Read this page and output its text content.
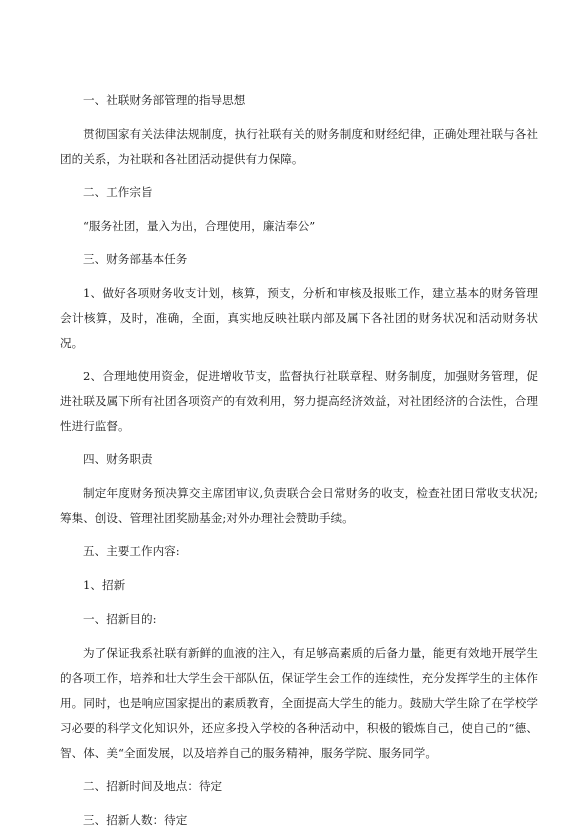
一、社联财务部管理的指导思想

贯彻国家有关法律法规制度，执行社联有关的财务制度和财经纪律，正确处理社联与各社团的关系，为社联和各社团活动提供有力保障。

二、工作宗旨

“服务社团，量入为出，合理使用，廉洁奉公”

三、财务部基本任务

1、做好各项财务收支计划，核算，预支，分析和审核及报账工作，建立基本的财务管理会计核算，及时，准确，全面，真实地反映社联内部及属下各社团的财务状况和活动财务状况。

2、合理地使用资金，促进增收节支，监督执行社联章程、财务制度，加强财务管理，促进社联及属下所有社团各项资产的有效利用，努力提高经济效益，对社团经济的合法性，合理性进行监督。

四、财务职责

制定年度财务预决算交主席团审议,负责联合会日常财务的收支，检查社团日常收支状况;筹集、创设、管理社团奖励基金;对外办理社会赞助手续。

五、主要工作内容:

1、招新

一、招新目的:

为了保证我系社联有新鲜的血液的注入，有足够高素质的后备力量，能更有效地开展学生的各项工作，培养和壮大学生会干部队伍，保证学生会工作的连续性，充分发挥学生的主体作用。同时，也是响应国家提出的素质教育，全面提高大学生的能力。鼓励大学生除了在学校学习必要的科学文化知识外，还应多投入学校的各种活动中，积极的锻炼自己，使自己的“德、智、体、美“全面发展，以及培养自己的服务精神，服务学院、服务同学。

二、招新时间及地点：待定

三、招新人数：待定
